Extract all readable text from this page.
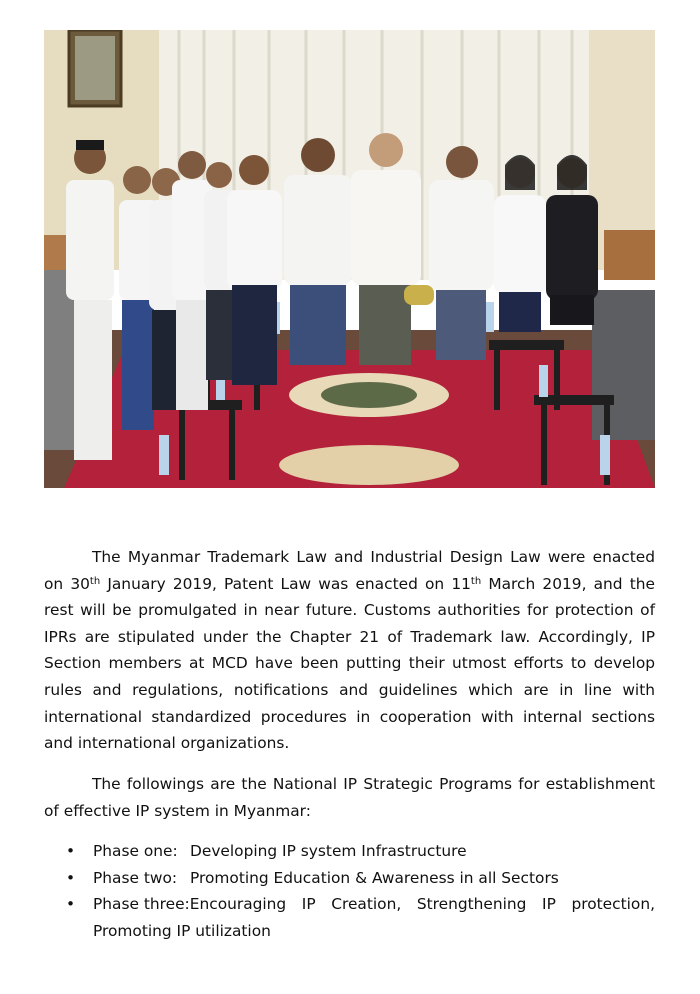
The Myanmar Trademark Law and Industrial Design Law were enacted on 30th January 2019, Patent Law was enacted on 11th March 2019, and the rest will be promulgated in near future. Customs authorities for protection of IPRs are stipulated under the Chapter 21 of Trademark law. Accordingly, IP Section members at MCD have been putting their utmost efforts to develop rules and regulations, notifications and guidelines which are in line with international standardized procedures in cooperation with internal sections and international organizations.

The followings are the National IP Strategic Programs for establishment of effective IP system in Myanmar:

• Phase one: Developing IP system Infrastructure
• Phase two: Promoting Education & Awareness in all Sectors
• Phase three:Encouraging IP Creation, Strengthening IP protection, Promoting IP utilization
